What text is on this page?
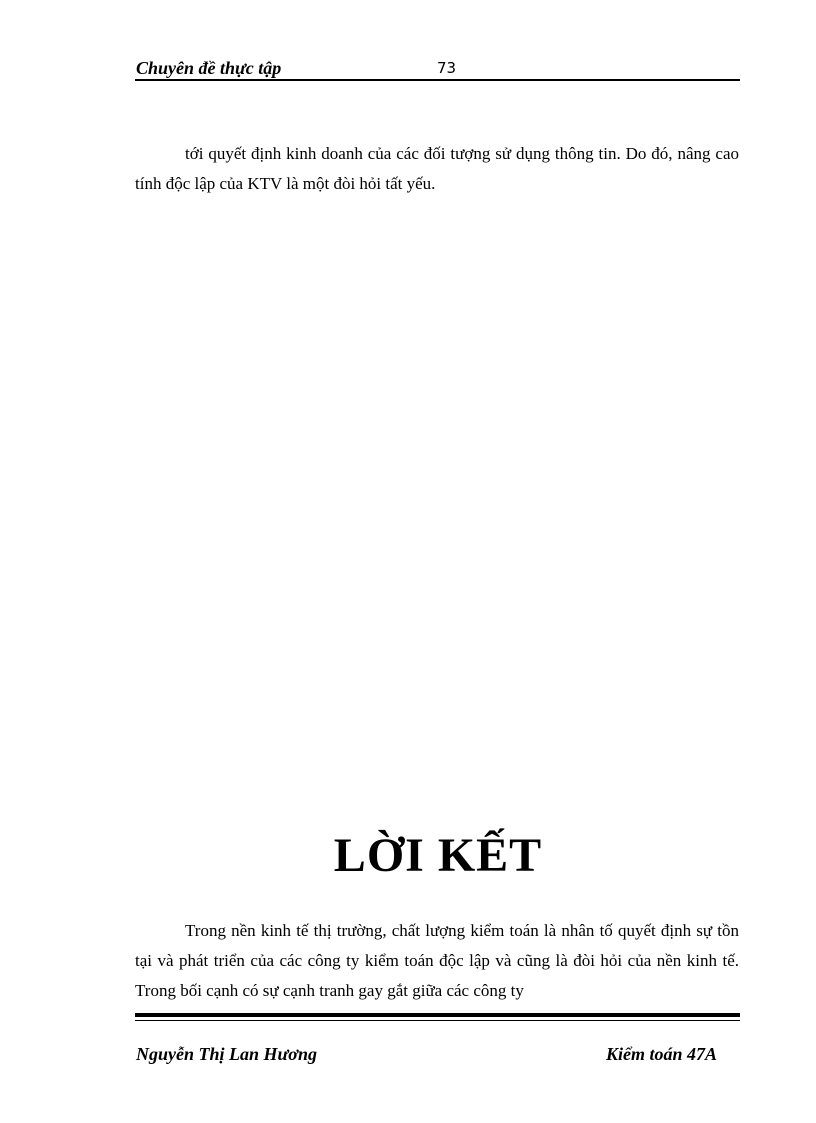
Chuyên đề thực tập	73

tới quyết định kinh doanh của các đối tượng sử dụng thông tin. Do đó, nâng cao tính độc lập của KTV là một đòi hỏi tất yếu.

LỜI KẾT

Trong nền kinh tế thị trường, chất lượng kiểm toán là nhân tố quyết định sự tồn tại và phát triển của các công ty kiểm toán độc lập và cũng là đòi hỏi của nền kinh tế. Trong bối cạnh có sự cạnh tranh gay gắt giữa các công ty

Nguyễn Thị Lan Hương	Kiểm toán 47A
